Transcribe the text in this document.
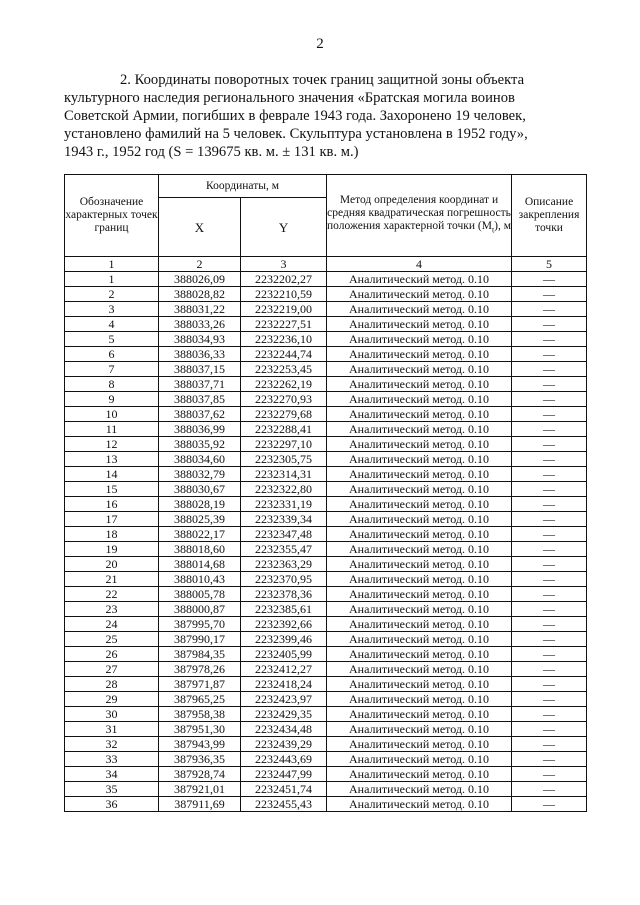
2

2. Координаты поворотных точек границ защитной зоны объекта
культурного наследия регионального значения «Братская могила воинов
Советской Армии, погибших в феврале 1943 года. Захоронено 19 человек,
установлено фамилий на 5 человек. Скульптура установлена в 1952 году»,
1943 г., 1952 год (S = 139675 кв. м. ± 131 кв. м.)

Обозначение характерных точек границ	Координаты, м		Метод определения координат и средняя квадратическая погрешность положения характерной точки $(M_t)$, м	Описание закрепления точки
	X	Y		
1	2	3	4	5
1	388026,09	2232202,27	Аналитический метод. 0.10	—
2	388028,82	2232210,59	Аналитический метод. 0.10	—
3	388031,22	2232219,00	Аналитический метод. 0.10	—
4	388033,26	2232227,51	Аналитический метод. 0.10	—
5	388034,93	2232236,10	Аналитический метод. 0.10	—
6	388036,33	2232244,74	Аналитический метод. 0.10	—
7	388037,15	2232253,45	Аналитический метод. 0.10	—
8	388037,71	2232262,19	Аналитический метод. 0.10	—
9	388037,85	2232270,93	Аналитический метод. 0.10	—
10	388037,62	2232279,68	Аналитический метод. 0.10	—
11	388036,99	2232288,41	Аналитический метод. 0.10	—
12	388035,92	2232297,10	Аналитический метод. 0.10	—
13	388034,60	2232305,75	Аналитический метод. 0.10	—
14	388032,79	2232314,31	Аналитический метод. 0.10	—
15	388030,67	2232322,80	Аналитический метод. 0.10	—
16	388028,19	2232331,19	Аналитический метод. 0.10	—
17	388025,39	2232339,34	Аналитический метод. 0.10	—
18	388022,17	2232347,48	Аналитический метод. 0.10	—
19	388018,60	2232355,47	Аналитический метод. 0.10	—
20	388014,68	2232363,29	Аналитический метод. 0.10	—
21	388010,43	2232370,95	Аналитический метод. 0.10	—
22	388005,78	2232378,36	Аналитический метод. 0.10	—
23	388000,87	2232385,61	Аналитический метод. 0.10	—
24	387995,70	2232392,66	Аналитический метод. 0.10	—
25	387990,17	2232399,46	Аналитический метод. 0.10	—
26	387984,35	2232405,99	Аналитический метод. 0.10	—
27	387978,26	2232412,27	Аналитический метод. 0.10	—
28	387971,87	2232418,24	Аналитический метод. 0.10	—
29	387965,25	2232423,97	Аналитический метод. 0.10	—
30	387958,38	2232429,35	Аналитический метод. 0.10	—
31	387951,30	2232434,48	Аналитический метод. 0.10	—
32	387943,99	2232439,29	Аналитический метод. 0.10	—
33	387936,35	2232443,69	Аналитический метод. 0.10	—
34	387928,74	2232447,99	Аналитический метод. 0.10	—
35	387921,01	2232451,74	Аналитический метод. 0.10	—
36	387911,69	2232455,43	Аналитический метод. 0.10	—
